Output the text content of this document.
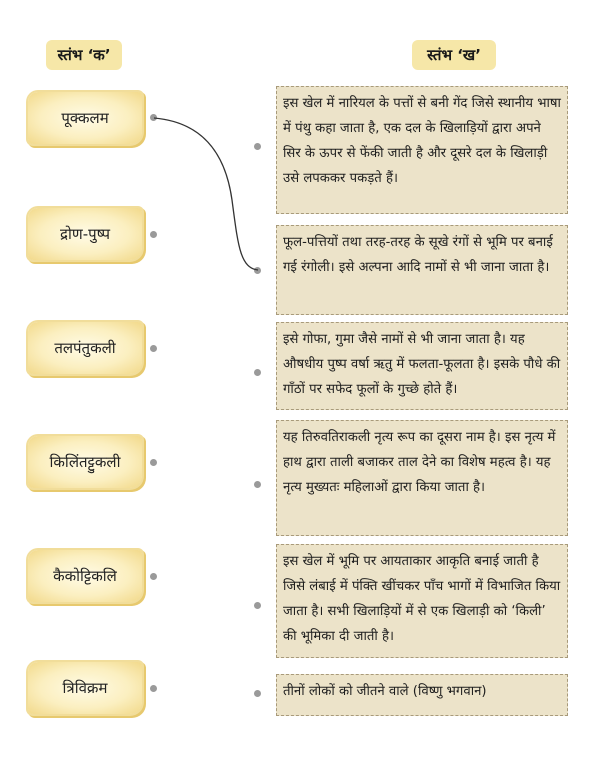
स्तंभ ‘क’	स्तंभ ‘ख’
पूक्कलम
द्रोण-पुष्प
तलपंतुकली
किलिंतट्टुकली
कैकोट्टिकलि
त्रिविक्रम
इस खेल में नारियल के पत्तों से बनी गेंद जिसे स्थानीय भाषा में पंथु कहा जाता है, एक दल के खिलाड़ियों द्वारा अपने सिर के ऊपर से फेंकी जाती है और दूसरे दल के खिलाड़ी उसे लपककर पकड़ते हैं।
फूल-पत्तियों तथा तरह-तरह के सूखे रंगों से भूमि पर बनाई गई रंगोली। इसे अल्पना आदि नामों से भी जाना जाता है।
इसे गोफा, गुमा जैसे नामों से भी जाना जाता है। यह औषधीय पुष्प वर्षा ऋतु में फलता-फूलता है। इसके पौधे की गाँठों पर सफेद फूलों के गुच्छे होते हैं।
यह तिरुवतिराकली नृत्य रूप का दूसरा नाम है। इस नृत्य में हाथ द्वारा ताली बजाकर ताल देने का विशेष महत्व है। यह नृत्य मुख्यतः महिलाओं द्वारा किया जाता है।
इस खेल में भूमि पर आयताकार आकृति बनाई जाती है जिसे लंबाई में पंक्ति खींचकर पाँच भागों में विभाजित किया जाता है। सभी खिलाड़ियों में से एक खिलाड़ी को ‘किली’ की भूमिका दी जाती है।
तीनों लोकों को जीतने वाले (विष्णु भगवान)
